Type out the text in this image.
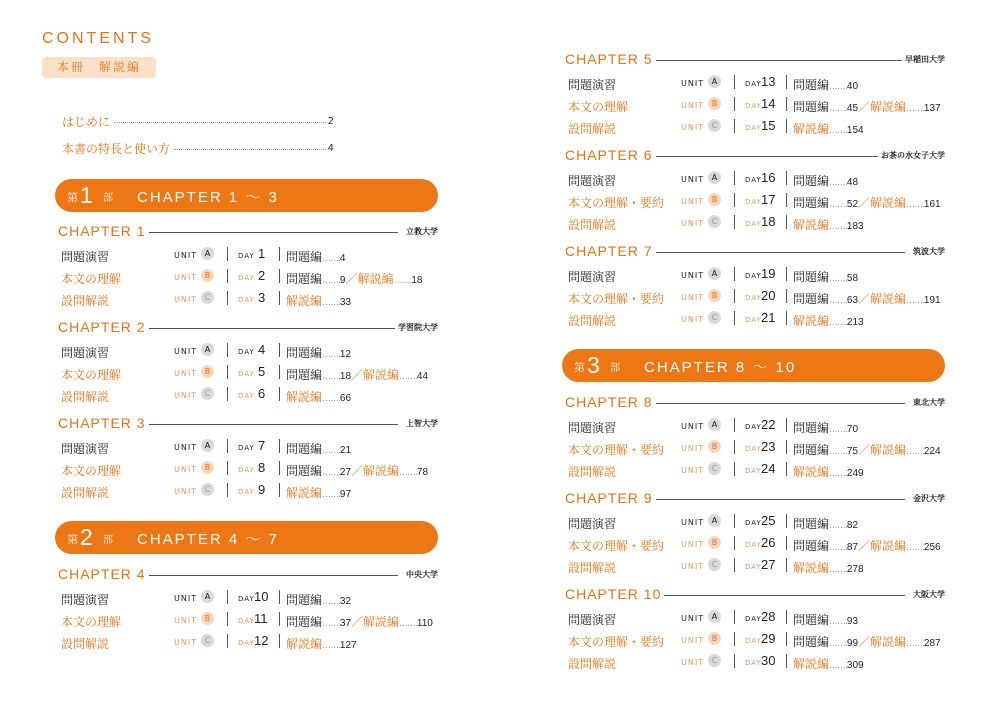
CONTENTS
本冊　解説編
はじめに	2
本書の特長と使い方	4
第 1 部 CHAPTER 1 ～ 3
第 2 部 CHAPTER 4 ～ 7
第 3 部 CHAPTER 8 ～ 10
CHAPTER 1	立教大学
問題演習	UNIT A	DAY 1 問題編…….4
本文の理解	UNIT B	DAY 2 問題編…….9／解説編…….18
設問解説	UNIT C	DAY 3 解説編…….33
CHAPTER 2	学習院大学
問題演習	UNIT A	DAY 4 問題編…….12
本文の理解	UNIT B	DAY 5 問題編…….18／解説編…….44
設問解説	UNIT C	DAY 6 解説編…….66
CHAPTER 3	上智大学
問題演習	UNIT A	DAY 7 問題編…….21
本文の理解	UNIT B	DAY 8 問題編…….27／解説編…….78
設問解説	UNIT C	DAY 9 解説編…….97
CHAPTER 4	中央大学
問題演習	UNIT A	DAY 10 問題編…….32
本文の理解	UNIT B	DAY 11 問題編…….37／解説編…….110
設問解説	UNIT C	DAY 12 解説編…….127
CHAPTER 5	早稲田大学
問題演習	UNIT A	DAY 13 問題編…….40
本文の理解	UNIT B	DAY 14 問題編…….45／解説編…….137
設問解説	UNIT C	DAY 15 解説編…….154
CHAPTER 6	お茶の水女子大学
問題演習	UNIT A	DAY 16 問題編…….48
本文の理解・要約 UNIT B	DAY 17 問題編…….52／解説編…….161
設問解説	UNIT C	DAY 18 解説編…….183
CHAPTER 7	筑波大学
問題演習	UNIT A	DAY 19 問題編…….58
本文の理解・要約 UNIT B	DAY 20 問題編…….63／解説編…….191
設問解説	UNIT C	DAY 21 解説編…….213
CHAPTER 8	東北大学
問題演習	UNIT A	DAY 22 問題編…….70
本文の理解・要約 UNIT B	DAY 23 問題編…….75／解説編…….224
設問解説	UNIT C	DAY 24 解説編…….249
CHAPTER 9	金沢大学
問題演習	UNIT A	DAY 25 問題編…….82
本文の理解・要約 UNIT B	DAY 26 問題編…….87／解説編…….256
設問解説	UNIT C	DAY 27 解説編…….278
CHAPTER 10	大阪大学
問題演習	UNIT A	DAY 28 問題編…….93
本文の理解・要約 UNIT B	DAY 29 問題編…….99／解説編…….287
設問解説	UNIT C	DAY 30 解説編…….309
